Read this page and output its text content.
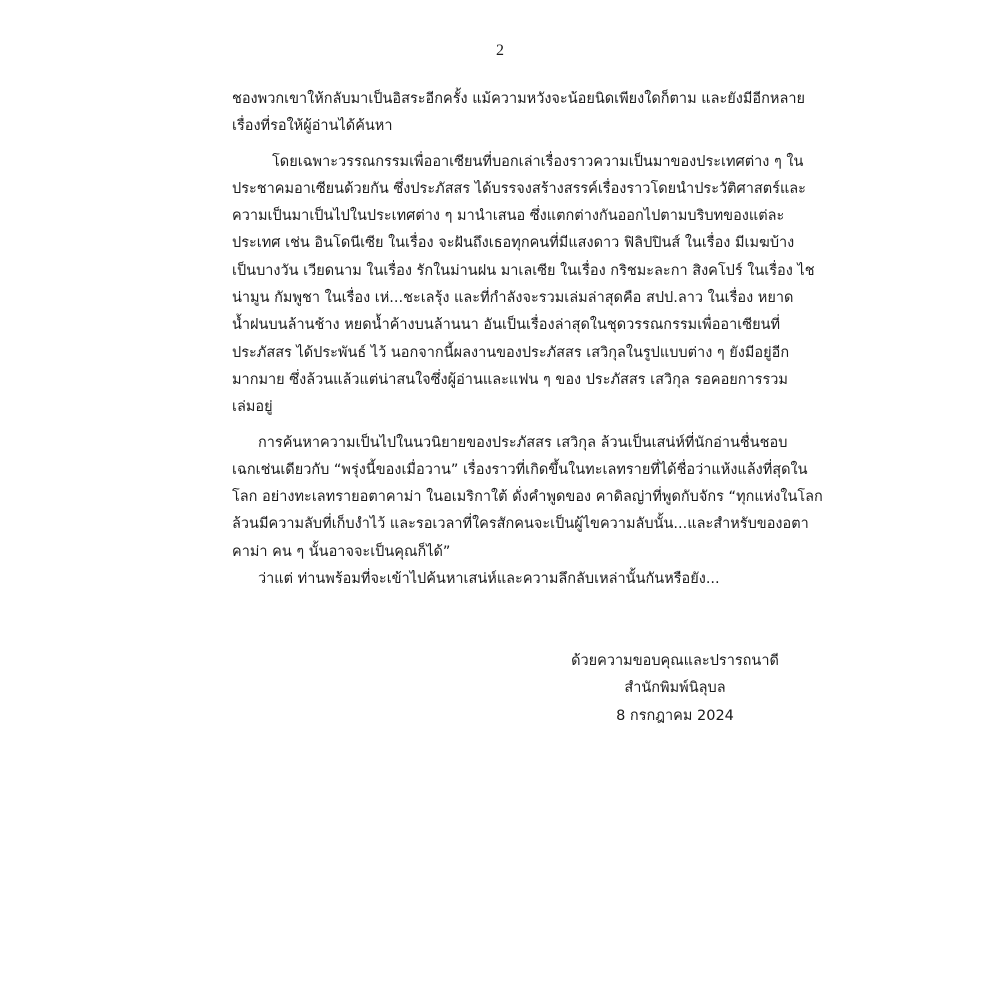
2
ชองพวกเขาให้กลับมาเป็นอิสระอีกครั้ง แม้ความหวังจะน้อยนิดเพียงใดก็ตาม และยังมีอีกหลาย
เรื่องที่รอให้ผู้อ่านได้ค้นหา
โดยเฉพาะวรรณกรรมเพื่ออาเซียนที่บอกเล่าเรื่องราวความเป็นมาของประเทศต่าง ๆ ใน
ประชาคมอาเซียนด้วยกัน ซึ่งประภัสสร ได้บรรจงสร้างสรรค์เรื่องราวโดยนำประวัติศาสตร์และ
ความเป็นมาเป็นไปในประเทศต่าง ๆ มานำเสนอ ซึ่งแตกต่างกันออกไปตามบริบทของแต่ละ
ประเทศ เช่น อินโดนีเซีย ในเรื่อง จะฝันถึงเธอทุกคนที่มีแสงดาว ฟิลิปปินส์ ในเรื่อง มีเมฆบ้าง
เป็นบางวัน เวียดนาม ในเรื่อง รักในม่านฝน มาเลเซีย ในเรื่อง กริชมะละกา สิงคโปร์ ในเรื่อง ไช
น่ามูน กัมพูชา ในเรื่อง เห่...ชะเลรุ้ง และที่กำลังจะรวมเล่มล่าสุดคือ สปป.ลาว ในเรื่อง หยาด
น้ำฝนบนล้านช้าง หยดน้ำค้างบนล้านนา อันเป็นเรื่องล่าสุดในชุดวรรณกรรมเพื่ออาเซียนที่
ประภัสสร ได้ประพันธ์ ไว้ นอกจากนี้ผลงานของประภัสสร เสวิกุลในรูปแบบต่าง ๆ ยังมีอยู่อีก
มากมาย ซึ่งล้วนแล้วแต่น่าสนใจซึ่งผู้อ่านและแฟน ๆ ของ ประภัสสร เสวิกุล รอคอยการรวม
เล่มอยู่
การค้นหาความเป็นไปในนวนิยายของประภัสสร เสวิกุล ล้วนเป็นเสน่ห์ที่นักอ่านชื่นชอบ
เฉกเช่นเดียวกับ “พรุ่งนี้ของเมื่อวาน” เรื่องราวที่เกิดขึ้นในทะเลทรายที่ได้ชื่อว่าแห้งแล้งที่สุดใน
โลก อย่างทะเลทรายอตาคาม่า ในอเมริกาใต้ ดั่งคำพูดของ คาดิลญ่าที่พูดกับจักร “ทุกแห่งในโลก
ล้วนมีความลับที่เก็บงำไว้ และรอเวลาที่ใครสักคนจะเป็นผู้ไขความลับนั้น...และสำหรับของอตา
คาม่า คน ๆ นั้นอาจจะเป็นคุณก็ได้”
ว่าแต่ ท่านพร้อมที่จะเข้าไปค้นหาเสน่ห์และความลึกลับเหล่านั้นกันหรือยัง...
ด้วยความขอบคุณและปรารถนาดี
สำนักพิมพ์นิลุบล
8 กรกฎาคม 2024
